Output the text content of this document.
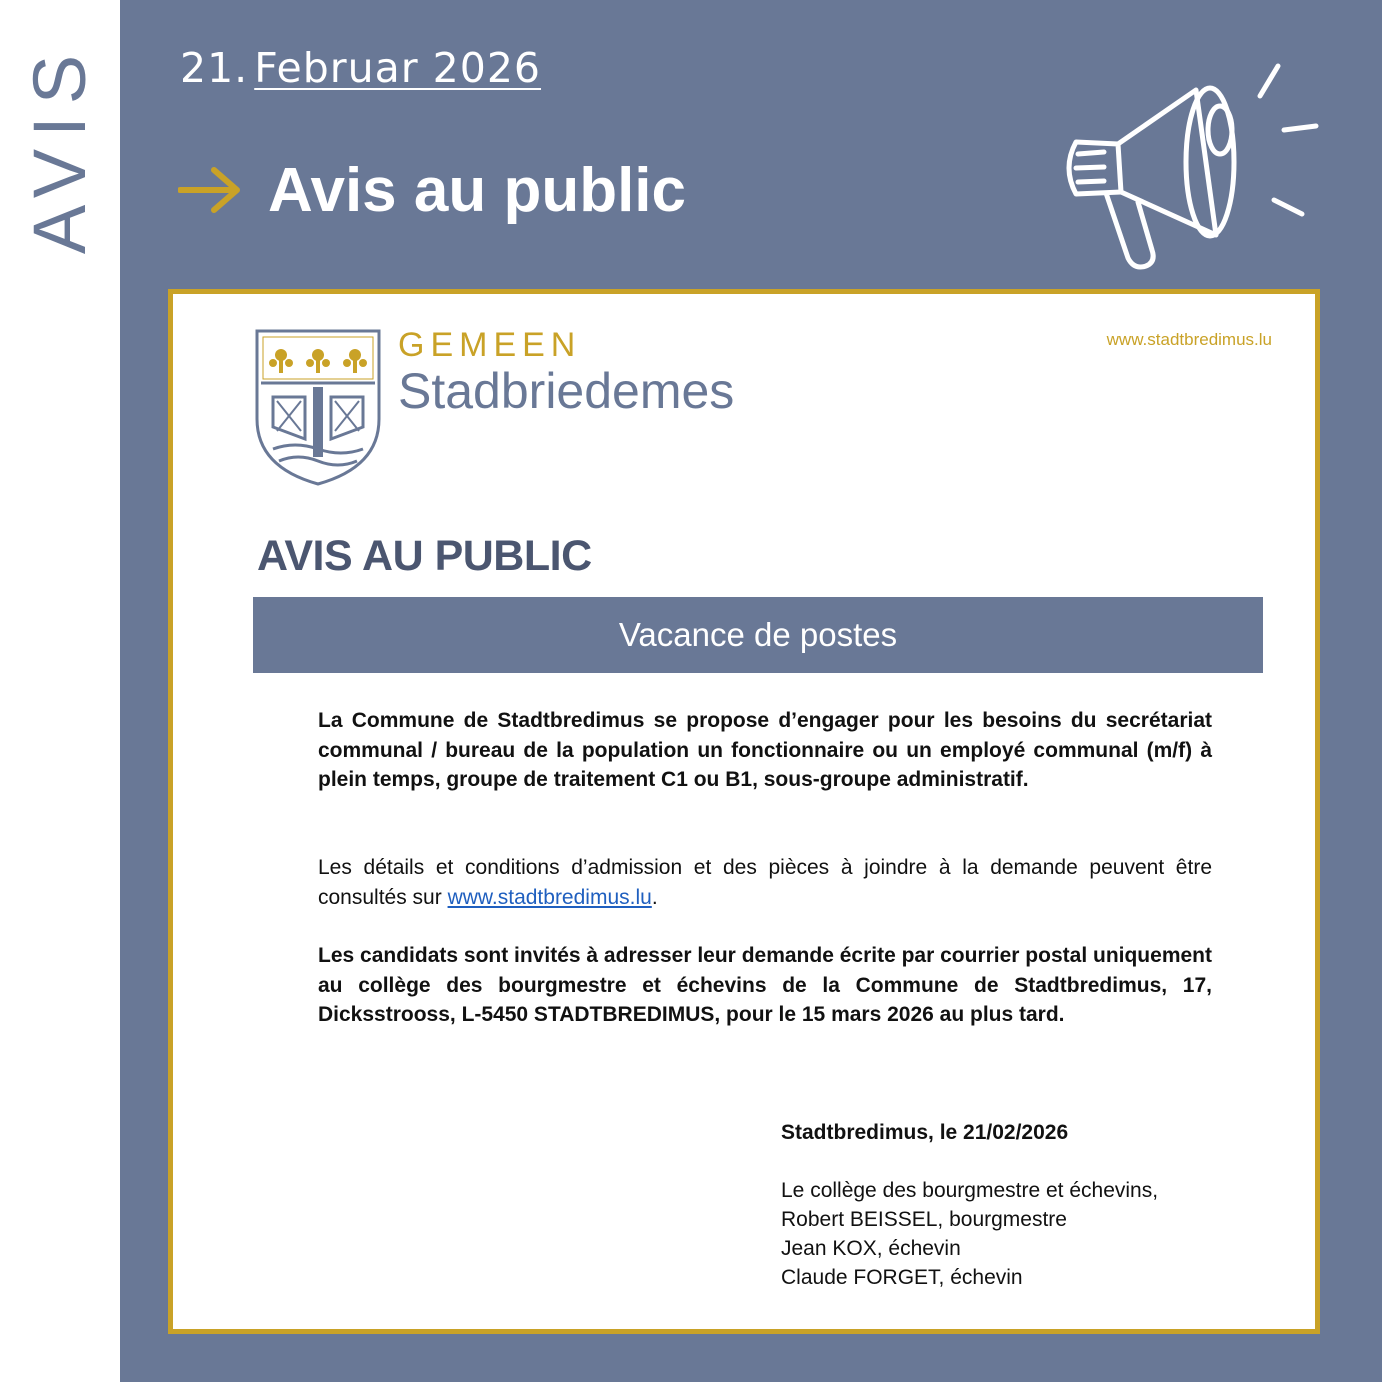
AVIS 21. Februar 2026
Avis au public
GEMEEN
Stadbriedemes
www.stadtbredimus.lu
AVIS AU PUBLIC
Vacance de postes
La Commune de Stadtbredimus se propose d’engager pour les besoins du secrétariat communal / bureau de la population un fonctionnaire ou un employé communal (m/f) à plein temps, groupe de traitement C1 ou B1, sous-groupe administratif.
Les détails et conditions d’admission et des pièces à joindre à la demande peuvent être consultés sur www.stadtbredimus.lu.
Les candidats sont invités à adresser leur demande écrite par courrier postal uniquement au collège des bourgmestre et échevins de la Commune de Stadtbredimus, 17, Dicksstrooss, L-5450 STADTBREDIMUS, pour le 15 mars 2026 au plus tard.
Stadtbredimus, le 21/02/2026
Le collège des bourgmestre et échevins,
Robert BEISSEL, bourgmestre
Jean KOX, échevin
Claude FORGET, échevin
